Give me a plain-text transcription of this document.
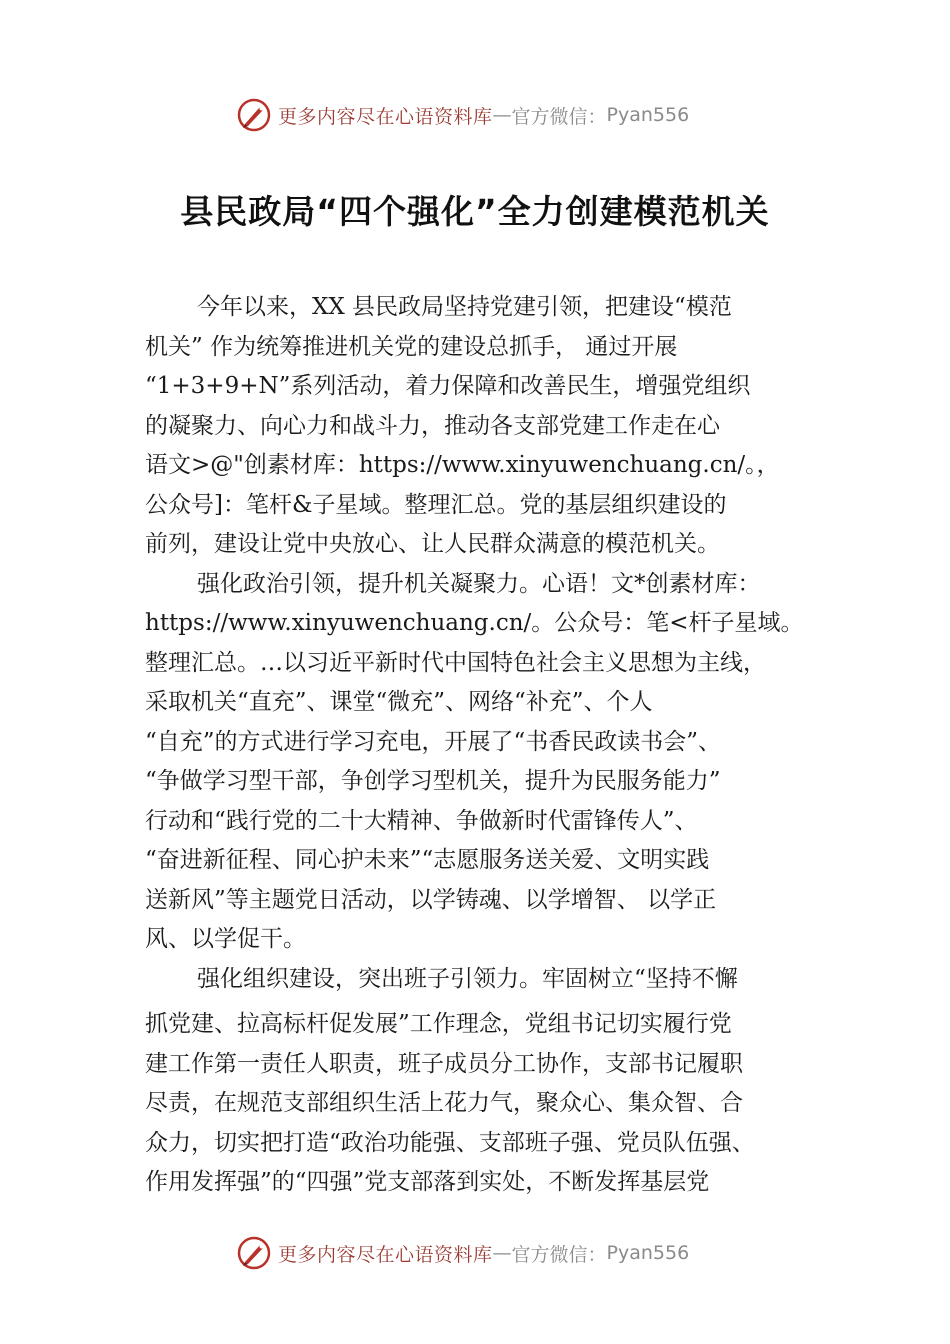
更多内容尽在心语资料库 — 官方微信： Pyan556
县民政局“四个强化”全力创建模范机关
今年以来，XX 县民政局坚持党建引领，把建设“模范
机关” 作为统筹推进机关党的建设总抓手， 通过开展
“1+3+9+N”系列活动，着力保障和改善民生，增强党组织
的凝聚力、向心力和战斗力，推动各支部党建工作走在心
语文>@"创素材库：https://www.xinyuwenchuang.cn/。，
公众号]：笔杆&子星域。整理汇总。党的基层组织建设的
前列，建设让党中央放心、让人民群众满意的模范机关。
强化政治引领，提升机关凝聚力。心语！文*创素材库：
https://www.xinyuwenchuang.cn/。公众号：笔<杆子星域。
整理汇总。…以习近平新时代中国特色社会主义思想为主线，
采取机关“直充”、课堂“微充”、网络“补充”、个人
“自充”的方式进行学习充电，开展了“书香民政读书会”、
“争做学习型干部，争创学习型机关，提升为民服务能力”
行动和“践行党的二十大精神、争做新时代雷锋传人”、
“奋进新征程、同心护未来”“志愿服务送关爱、文明实践
送新风”等主题党日活动，以学铸魂、以学增智、 以学正
风、以学促干。
强化组织建设，突出班子引领力。牢固树立“坚持不懈
抓党建、拉高标杆促发展”工作理念，党组书记切实履行党
建工作第一责任人职责，班子成员分工协作，支部书记履职
尽责，在规范支部组织生活上花力气，聚众心、集众智、合
众力，切实把打造“政治功能强、支部班子强、党员队伍强、
作用发挥强”的“四强”党支部落到实处，不断发挥基层党
更多内容尽在心语资料库 — 官方微信： Pyan556
